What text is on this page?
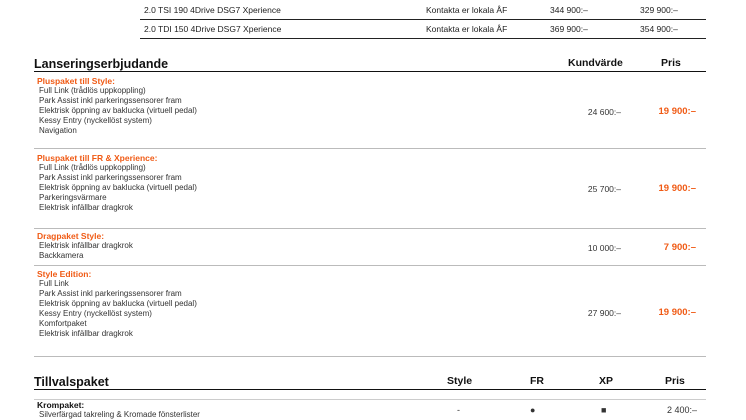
2.0 TSI 190 4Drive DSG7 Xperience	Kontakta er lokala ÅF	344 900:–	329 900:–
2.0 TDI 150 4Drive DSG7 Xperience	Kontakta er lokala ÅF	369 900:–	354 900:–
Lanseringserbjudande	Kundvärde	Pris
Pluspaket till Style:
Full Link (trådlös uppkoppling)
Park Assist inkl parkeringssensorer fram
Elektrisk öppning av baklucka (virtuell pedal)
Kessy Entry (nyckellöst system)
Navigation
24 600:–	19 900:–
Pluspaket till FR & Xperience:
Full Link (trådlös uppkoppling)
Park Assist inkl parkeringssensorer fram
Elektrisk öppning av baklucka (virtuell pedal)
Parkeringsvärmare
Elektrisk infällbar dragkrok
25 700:–	19 900:–
Dragpaket Style:
Elektrisk infällbar dragkrok
Backkamera
10 000:–	7 900:–
Style Edition:
Full Link
Park Assist inkl parkeringssensorer fram
Elektrisk öppning av baklucka (virtuell pedal)
Kessy Entry (nyckellöst system)
Komfortpaket
Elektrisk infällbar dragkrok
27 900:–	19 900:–
Tillvalspaket	Style	FR	XP	Pris
Krompaket:
Silverfärgad takreling & Kromade fönsterlister	-	●	■	2 400:–
